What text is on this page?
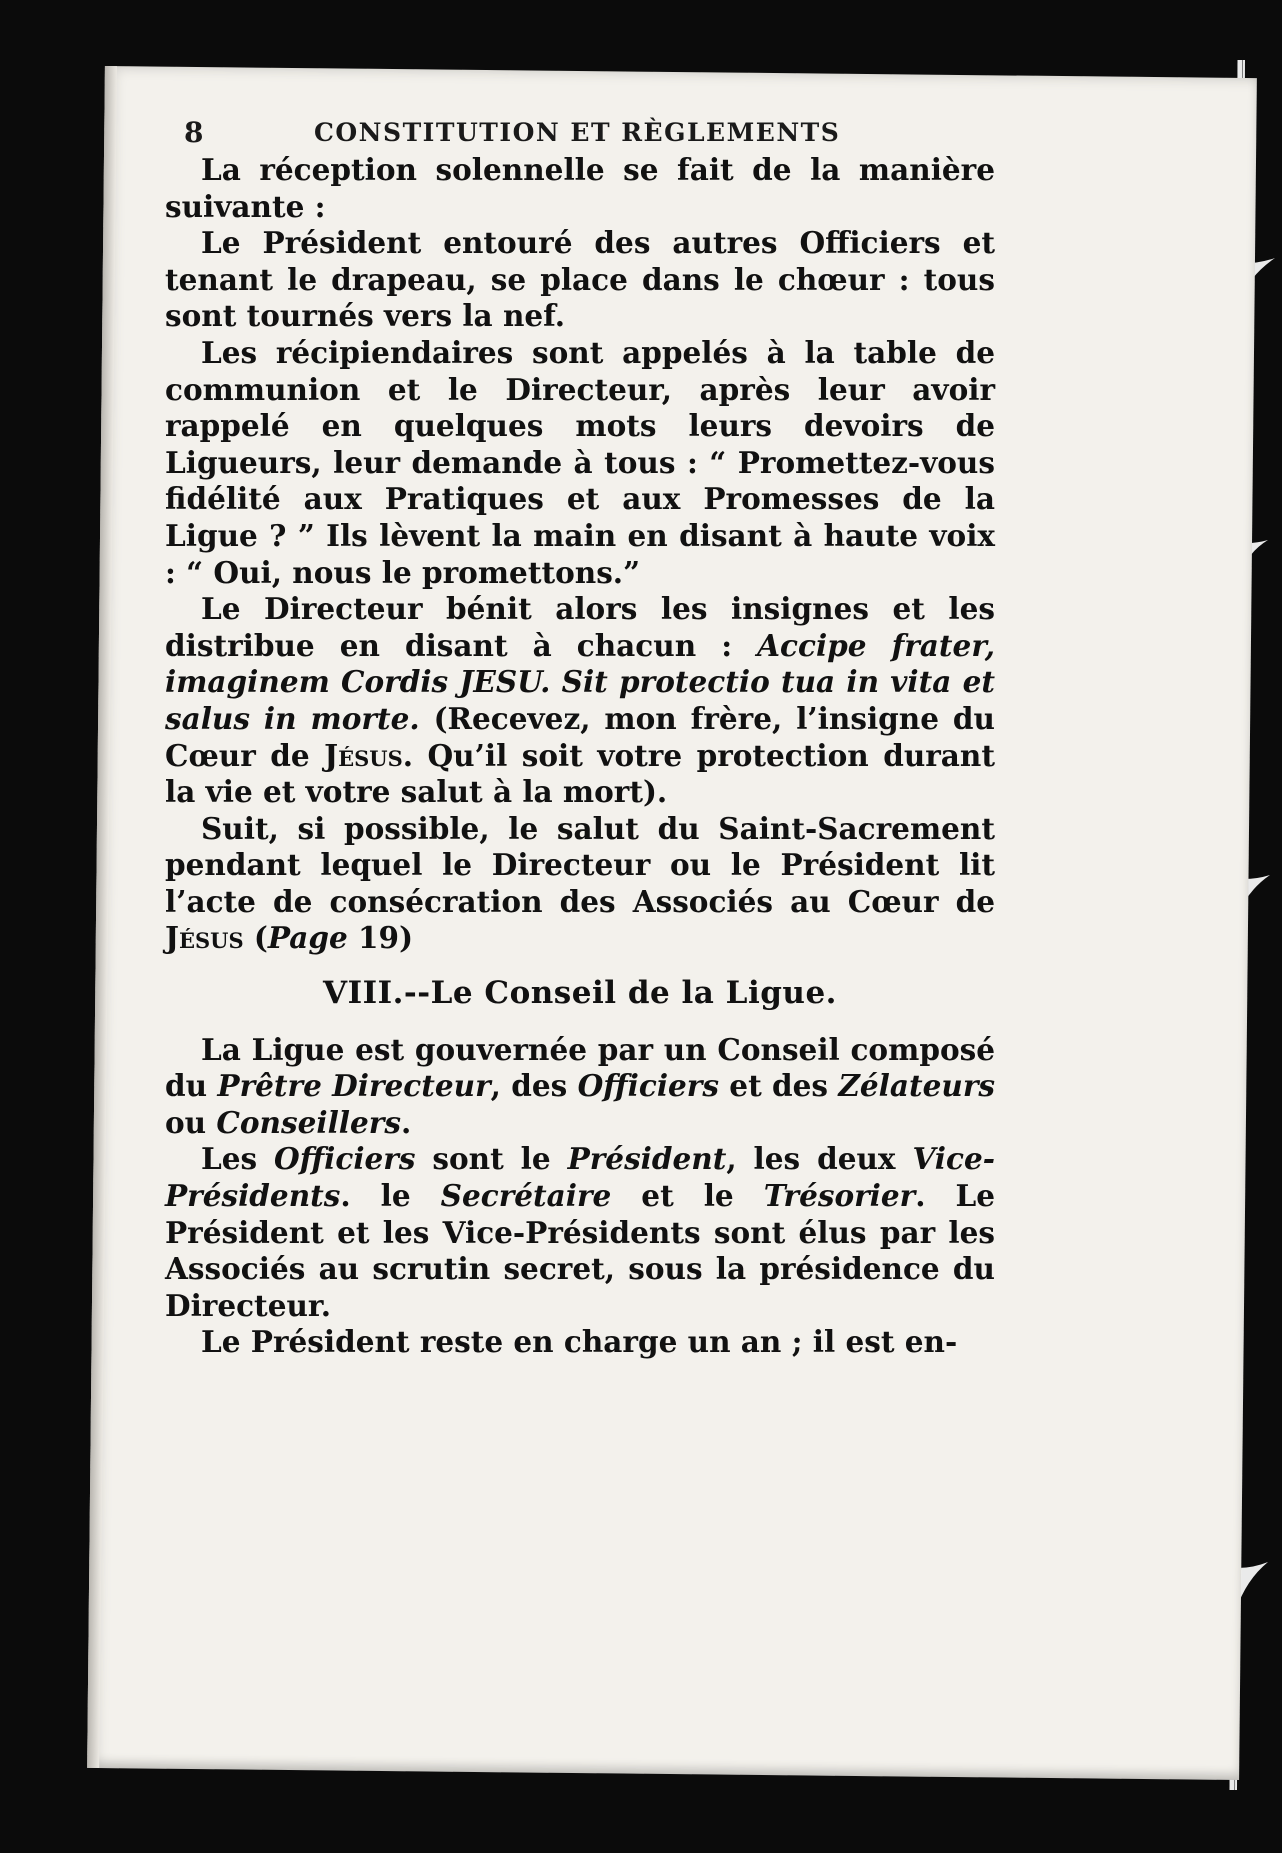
8	CONSTITUTION ET RÈGLEMENTS

La réception solennelle se fait de la manière suivante :

Le Président entouré des autres Officiers et tenant le drapeau, se place dans le chœur : tous sont tournés vers la nef.

Les récipiendaires sont appelés à la table de communion et le Directeur, après leur avoir rappelé en quelques mots leurs devoirs de Ligueurs, leur demande à tous : “ Promettez-vous fidélité aux Pratiques et aux Promesses de la Ligue ? ” Ils lèvent la main en disant à haute voix : “ Oui, nous le promettons.”

Le Directeur bénit alors les insignes et les distribue en disant à chacun : Accipe frater, imaginem Cordis JESU. Sit protectio tua in vita et salus in morte. (Recevez, mon frère, l’insigne du Cœur de Jésus. Qu’il soit votre protection durant la vie et votre salut à la mort).

Suit, si possible, le salut du Saint-Sacrement pendant lequel le Directeur ou le Président lit l’acte de consécration des Associés au Cœur de Jésus (Page 19)

VIII.--Le Conseil de la Ligue.

La Ligue est gouvernée par un Conseil composé du Prêtre Directeur, des Officiers et des Zélateurs ou Conseillers.

Les Officiers sont le Président, les deux Vice-Présidents. le Secrétaire et le Trésorier. Le Président et les Vice-Présidents sont élus par les Associés au scrutin secret, sous la présidence du Directeur.

Le Président reste en charge un an ; il est en-
